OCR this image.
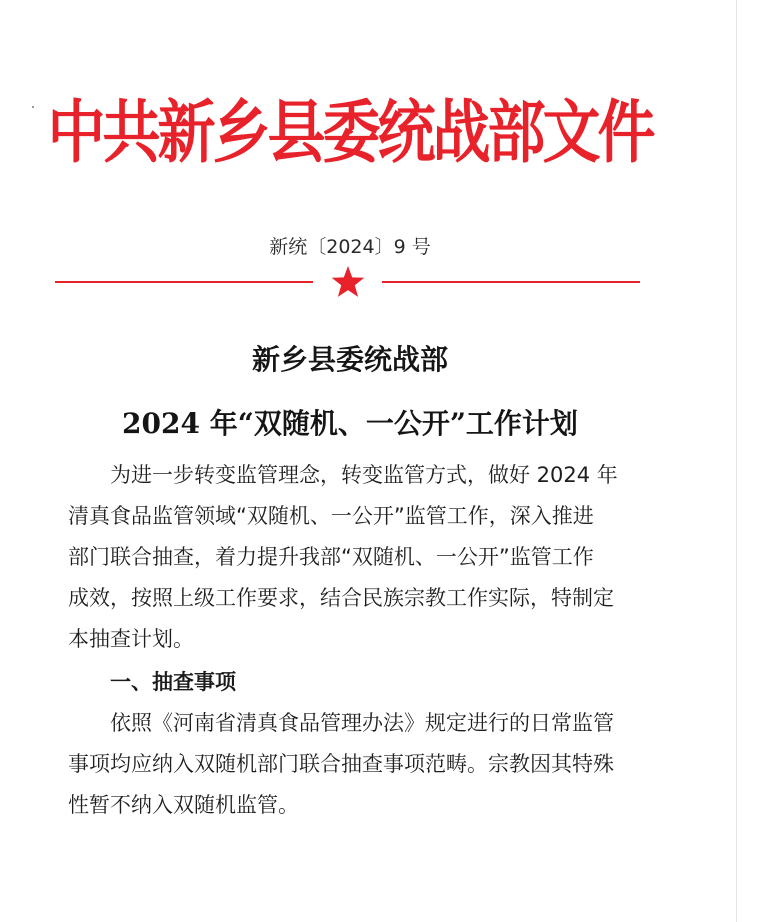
中共新乡县委统战部文件
新统〔2024〕9 号
新乡县委统战部
2024 年“双随机、一公开”工作计划
为进一步转变监管理念，转变监管方式，做好 2024 年
清真食品监管领域“双随机、一公开”监管工作，深入推进
部门联合抽查，着力提升我部“双随机、一公开”监管工作
成效，按照上级工作要求，结合民族宗教工作实际，特制定
本抽查计划。
一、抽查事项
依照《河南省清真食品管理办法》规定进行的日常监管
事项均应纳入双随机部门联合抽查事项范畴。宗教因其特殊
性暂不纳入双随机监管。
